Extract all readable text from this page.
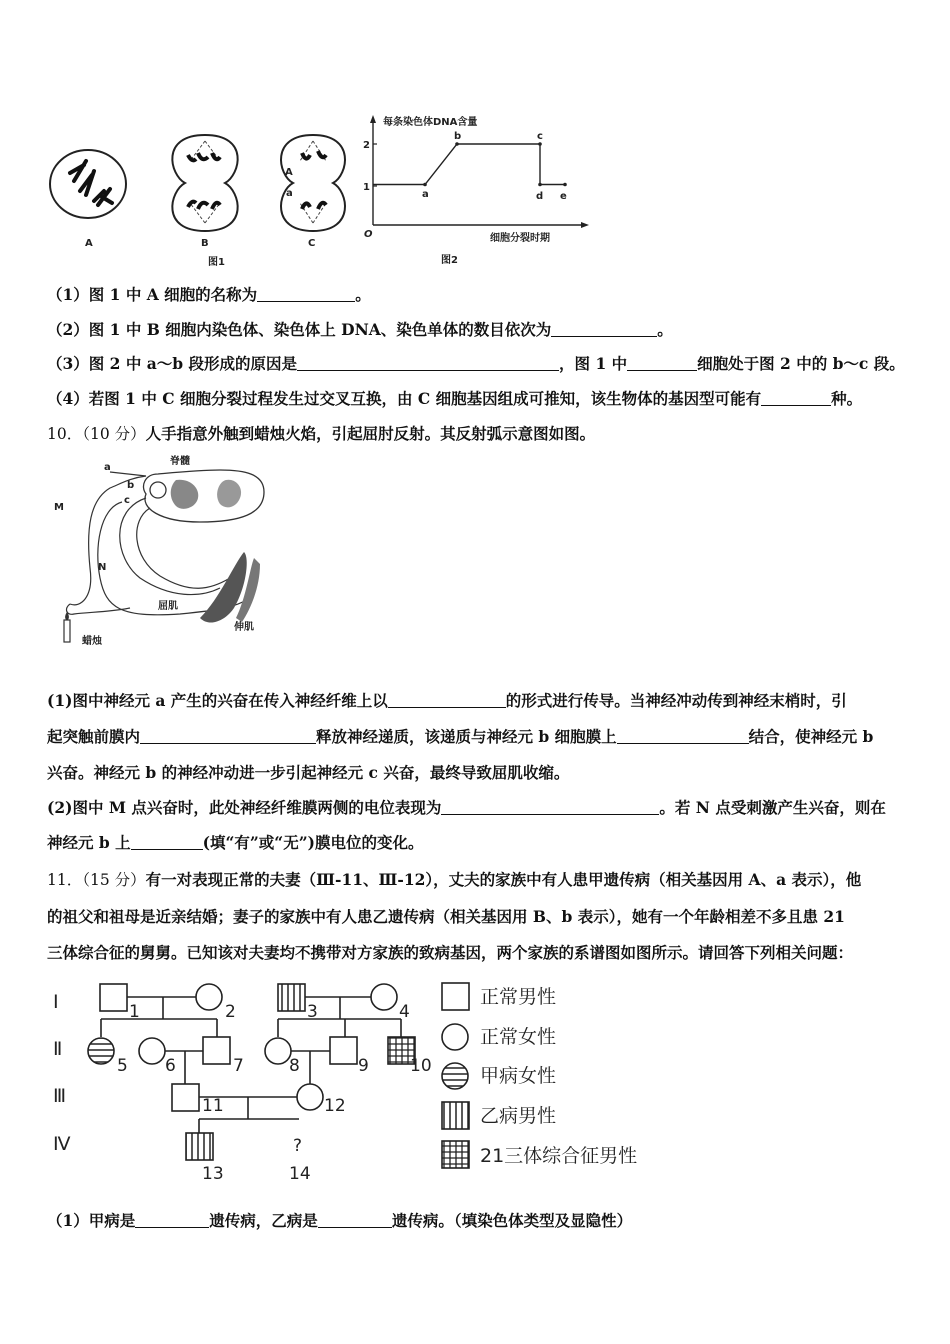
A	B
A
a
C
图1
每条染色体DNA含量
细胞分裂时期
O
2
1
a
b	c
d e
图2
（1）图 1 中 A 细胞的名称为	。
（2）图 1 中 B 细胞内染色体、染色体上 DNA、染色单体的数目依次为	。
（3）图 2 中 a～b 段形成的原因是	，图 1 中	细胞处于图 2 中的 b～c 段。
（4）若图 1 中 C 细胞分裂过程发生过交叉互换，由 C 细胞基因组成可推知，该生物体的基因型可能有	种。
10．（10 分）人手指意外触到蜡烛火焰，引起屈肘反射。其反射弧示意图如图。
脊髓
a
b
c
M
N
屈肌
伸肌
蜡烛
(1)图中神经元 a 产生的兴奋在传入神经纤维上以	的形式进行传导。当神经冲动传到神经末梢时，引
起突触前膜内	释放神经递质，该递质与神经元 b 细胞膜上	结合，使神经元 b
兴奋。神经元 b 的神经冲动进一步引起神经元 c 兴奋，最终导致屈肌收缩。
(2)图中 M 点兴奋时，此处神经纤维膜两侧的电位表现为	。若 N 点受刺激产生兴奋，则在
神经元 b 上	(填“有”或“无”)膜电位的变化。
11．（15 分）有一对表现正常的夫妻（Ⅲ-11、Ⅲ-12），丈夫的家族中有人患甲遗传病（相关基因用 A、a 表示），他
的祖父和祖母是近亲结婚；妻子的家族中有人患乙遗传病（相关基因用 B、b 表示），她有一个年龄相差不多且患 21
三体综合征的舅舅。已知该对夫妻均不携带对方家族的致病基因，两个家族的系谱图如图所示。请回答下列相关问题：
Ⅰ
Ⅱ
Ⅲ
Ⅳ
1	2	3	4
5 6	7	8	9 10
11	12
13
?
14
正常男性
正常女性
甲病女性
乙病男性
21三体综合征男性
（1）甲病是	遗传病，乙病是	遗传病。（填染色体类型及显隐性）
